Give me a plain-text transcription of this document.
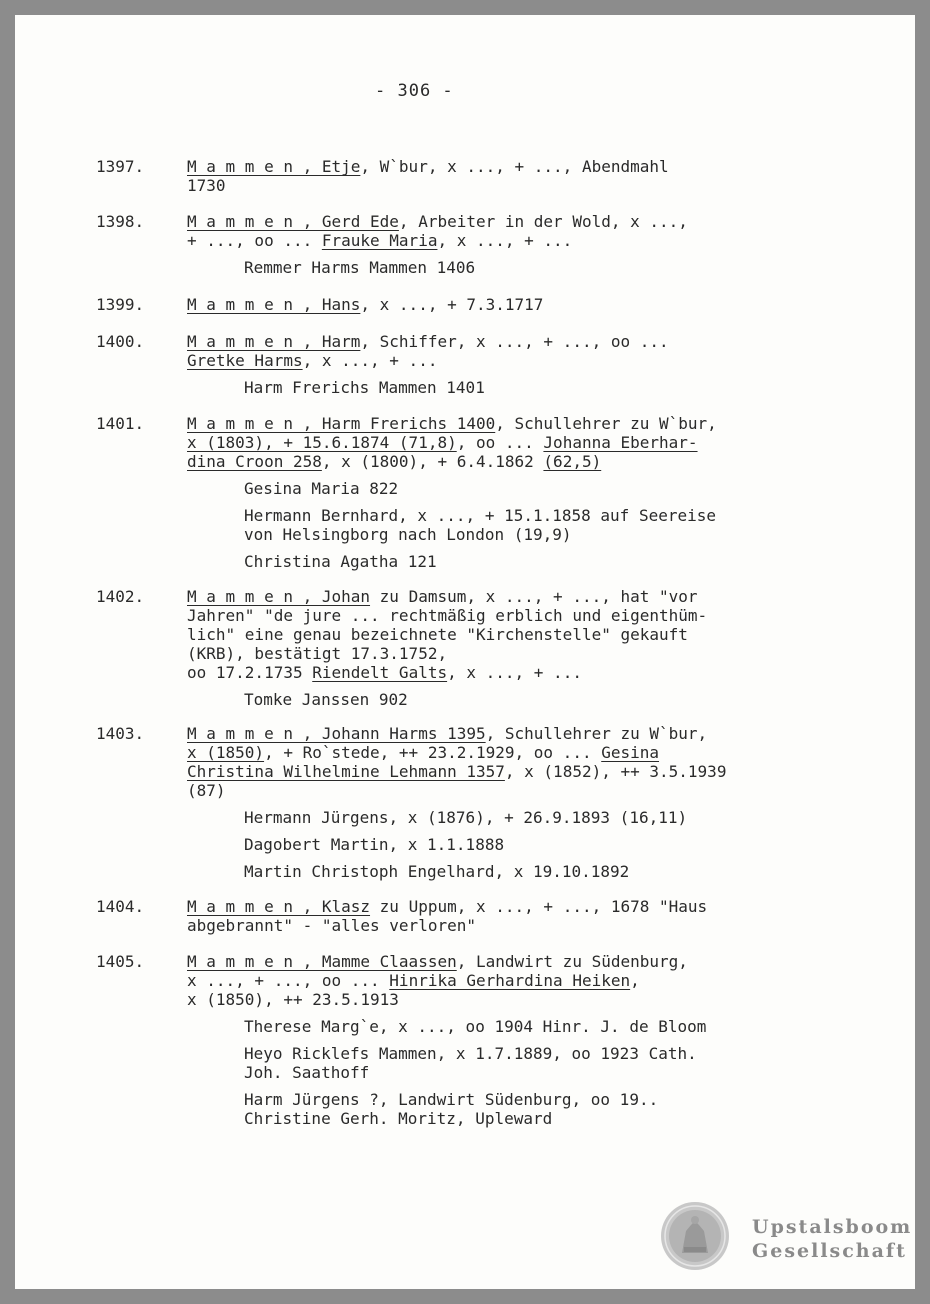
- 306 -
1397.	M a m m e n , Etje, W`bur, x ..., + ..., Abendmahl
1730
1398.	M a m m e n , Gerd Ede, Arbeiter in der Wold, x ...,
+ ..., oo ... Frauke Maria, x ..., + ...
Remmer Harms Mammen 1406
1399.	M a m m e n , Hans, x ..., + 7.3.1717
1400.	M a m m e n , Harm, Schiffer, x ..., + ..., oo ...
Gretke Harms, x ..., + ...
Harm Frerichs Mammen 1401
1401.	M a m m e n , Harm Frerichs 1400, Schullehrer zu W`bur,
x (1803), + 15.6.1874 (71,8), oo ... Johanna Eberhar-
dina Croon 258, x (1800), + 6.4.1862 (62,5)
Gesina Maria 822
Hermann Bernhard, x ..., + 15.1.1858 auf Seereise
von Helsingborg nach London (19,9)
Christina Agatha 121
1402.	M a m m e n , Johan zu Damsum, x ..., + ..., hat "vor
Jahren" "de jure ... rechtmäßig erblich und eigenthüm-
lich" eine genau bezeichnete "Kirchenstelle" gekauft
(KRB), bestätigt 17.3.1752,
oo 17.2.1735 Riendelt Galts, x ..., + ...
Tomke Janssen 902
1403.	M a m m e n , Johann Harms 1395, Schullehrer zu W`bur,
x (1850), + Ro`stede, ++ 23.2.1929, oo ... Gesina
Christina Wilhelmine Lehmann 1357, x (1852), ++ 3.5.1939
(87)
Hermann Jürgens, x (1876), + 26.9.1893 (16,11)
Dagobert Martin, x 1.1.1888
Martin Christoph Engelhard, x 19.10.1892
1404.	M a m m e n , Klasz zu Uppum, x ..., + ..., 1678 "Haus
abgebrannt" - "alles verloren"
1405.	M a m m e n , Mamme Claassen, Landwirt zu Südenburg,
x ..., + ..., oo ... Hinrika Gerhardina Heiken,
x (1850), ++ 23.5.1913
Therese Marg`e, x ..., oo 1904 Hinr. J. de Bloom
Heyo Ricklefs Mammen, x 1.7.1889, oo 1923 Cath.
Joh. Saathoff
Harm Jürgens ?, Landwirt Südenburg, oo 19..
Christine Gerh. Moritz, Upleward
Upstalsboom
Gesellschaft
